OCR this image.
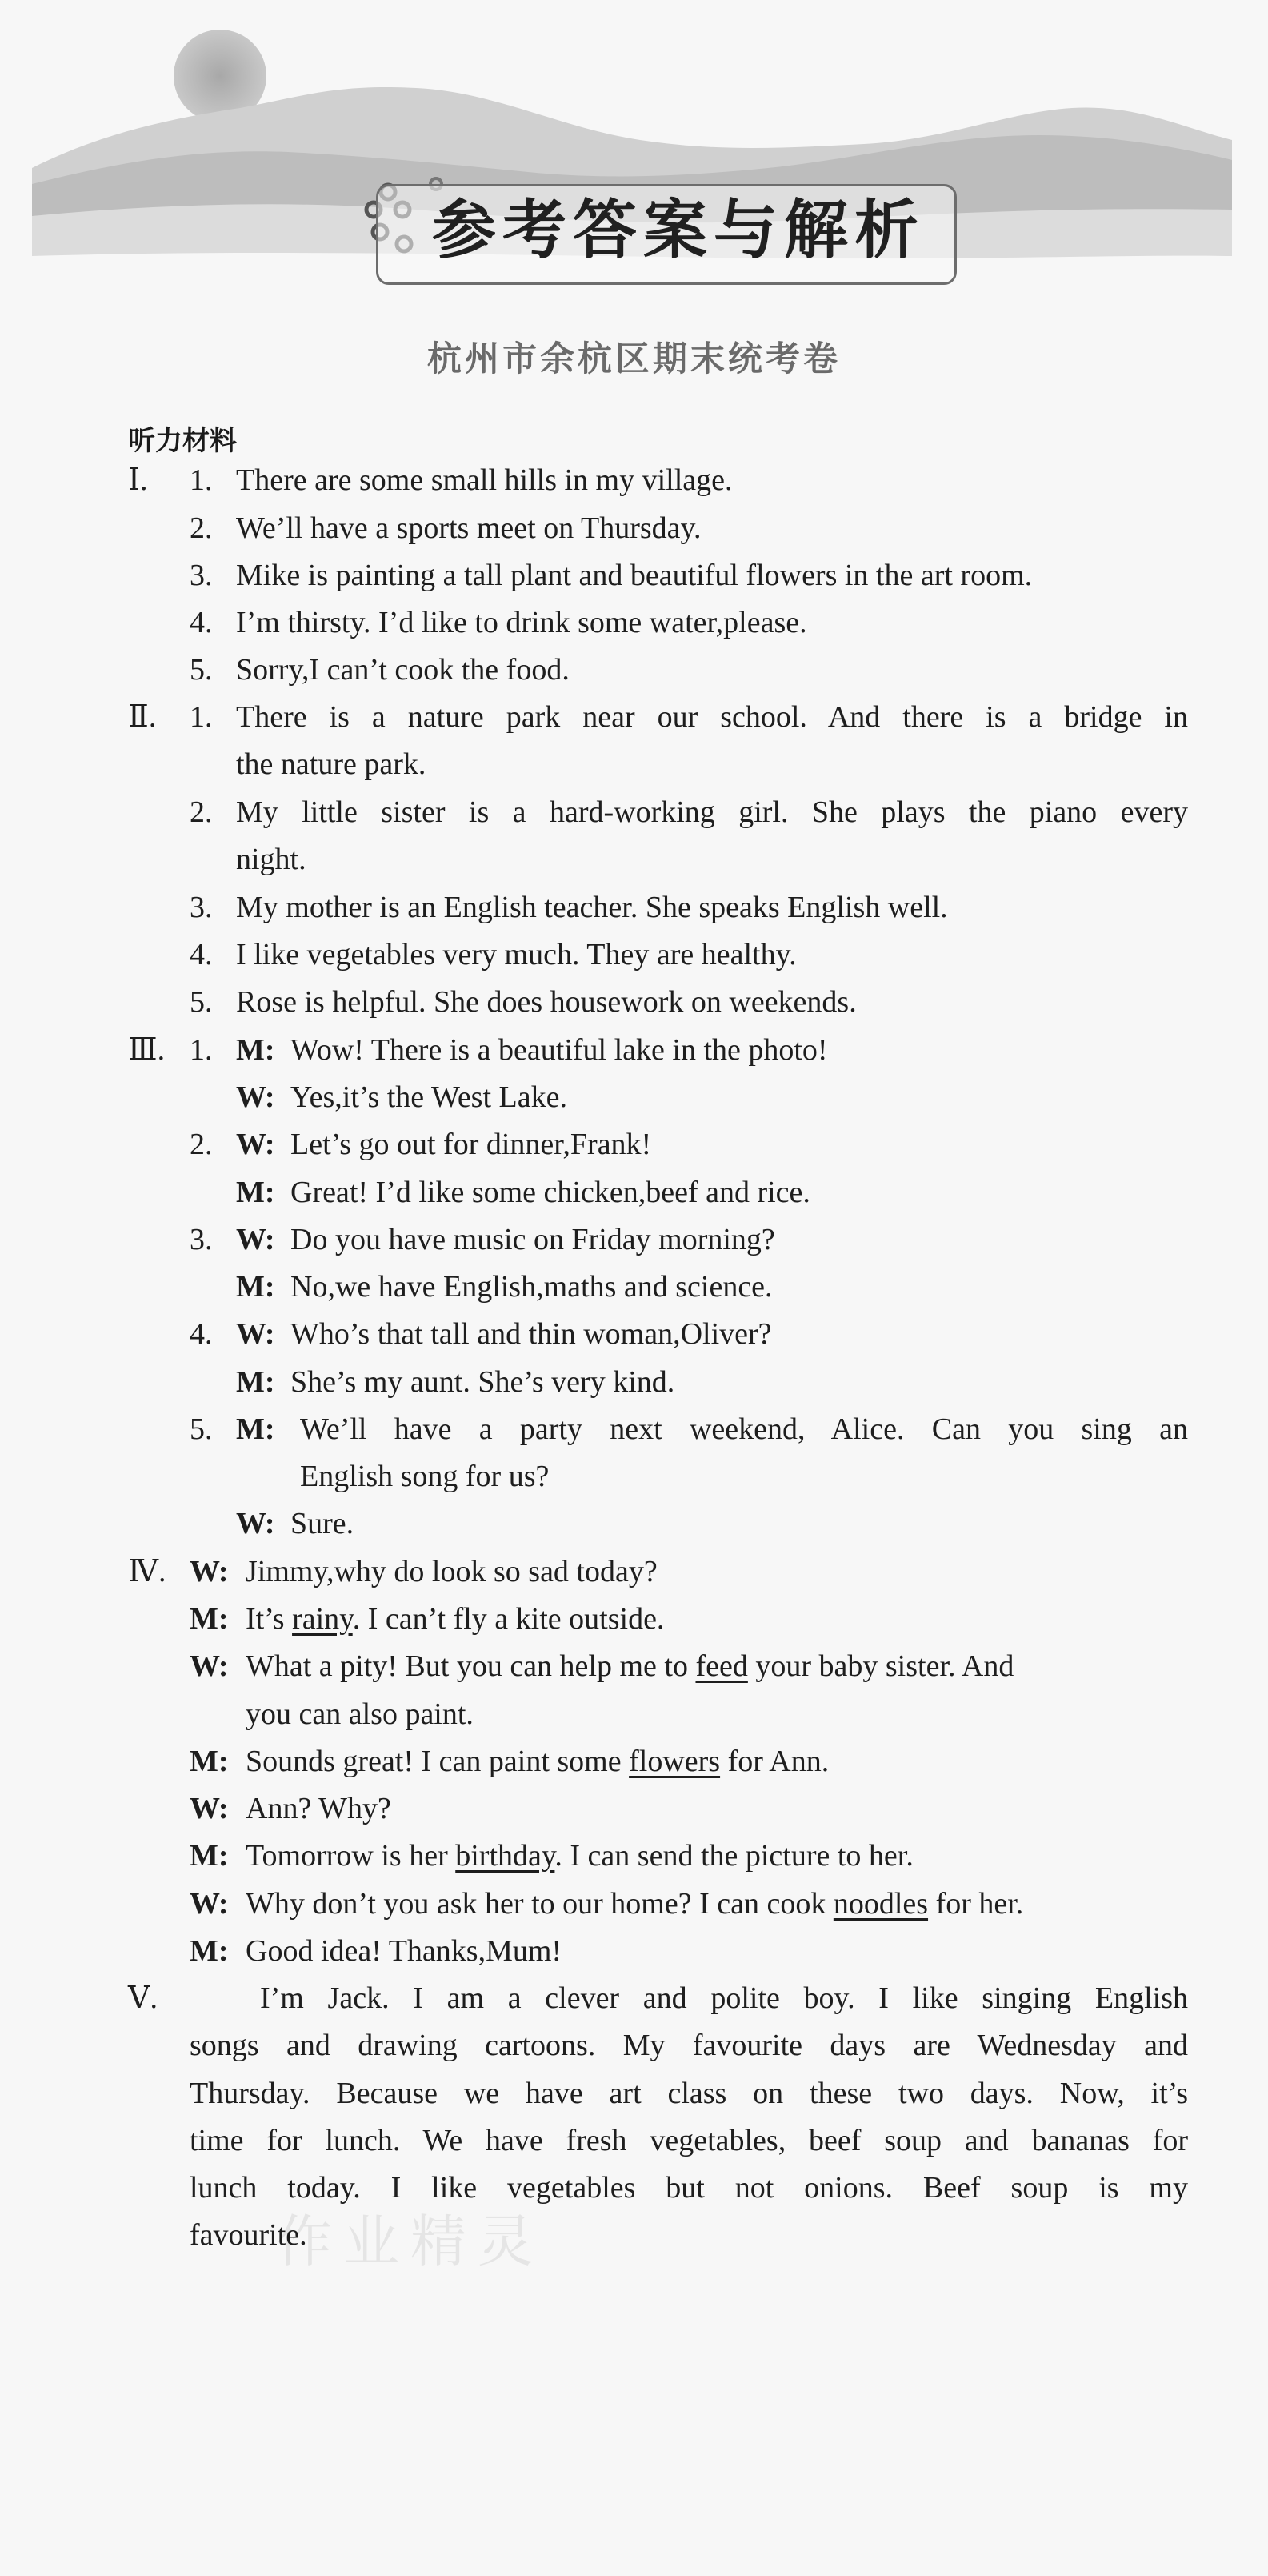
参考答案与解析
杭州市余杭区期末统考卷
听力材料
Ⅰ. 1. There are some small hills in my village.
2. We’ll have a sports meet on Thursday.
3. Mike is painting a tall plant and beautiful flowers in the art room.
4. I’m thirsty. I’d like to drink some water,please.
5. Sorry,I can’t cook the food.
Ⅱ. 1. There is a nature park near our school. And there is a bridge in
the nature park.
2. My little sister is a hard-working girl. She plays the piano every
night.
3. My mother is an English teacher. She speaks English well.
4. I like vegetables very much. They are healthy.
5. Rose is helpful. She does housework on weekends.
Ⅲ. 1. M: Wow! There is a beautiful lake in the photo!
W: Yes,it’s the West Lake.
2. W: Let’s go out for dinner,Frank!
M: Great! I’d like some chicken,beef and rice.
3. W: Do you have music on Friday morning?
M: No,we have English,maths and science.
4. W: Who’s that tall and thin woman,Oliver?
M: She’s my aunt. She’s very kind.
5. M: We’ll have a party next weekend, Alice. Can you sing an
English song for us?
W: Sure.
Ⅳ. W: Jimmy,why do look so sad today?
M: It’s rainy. I can’t fly a kite outside.
W: What a pity! But you can help me to feed your baby sister. And
you can also paint.
M: Sounds great! I can paint some flowers for Ann.
W: Ann? Why?
M: Tomorrow is her birthday. I can send the picture to her.
W: Why don’t you ask her to our home? I can cook noodles for her.
M: Good idea! Thanks,Mum!
Ⅴ.	I’m Jack. I am a clever and polite boy. I like singing English
songs and drawing cartoons. My favourite days are Wednesday and
Thursday. Because we have art class on these two days. Now, it’s
time for lunch. We have fresh vegetables, beef soup and bananas for
lunch today. I like vegetables but not onions. Beef soup is my
favourite.
作业精灵
